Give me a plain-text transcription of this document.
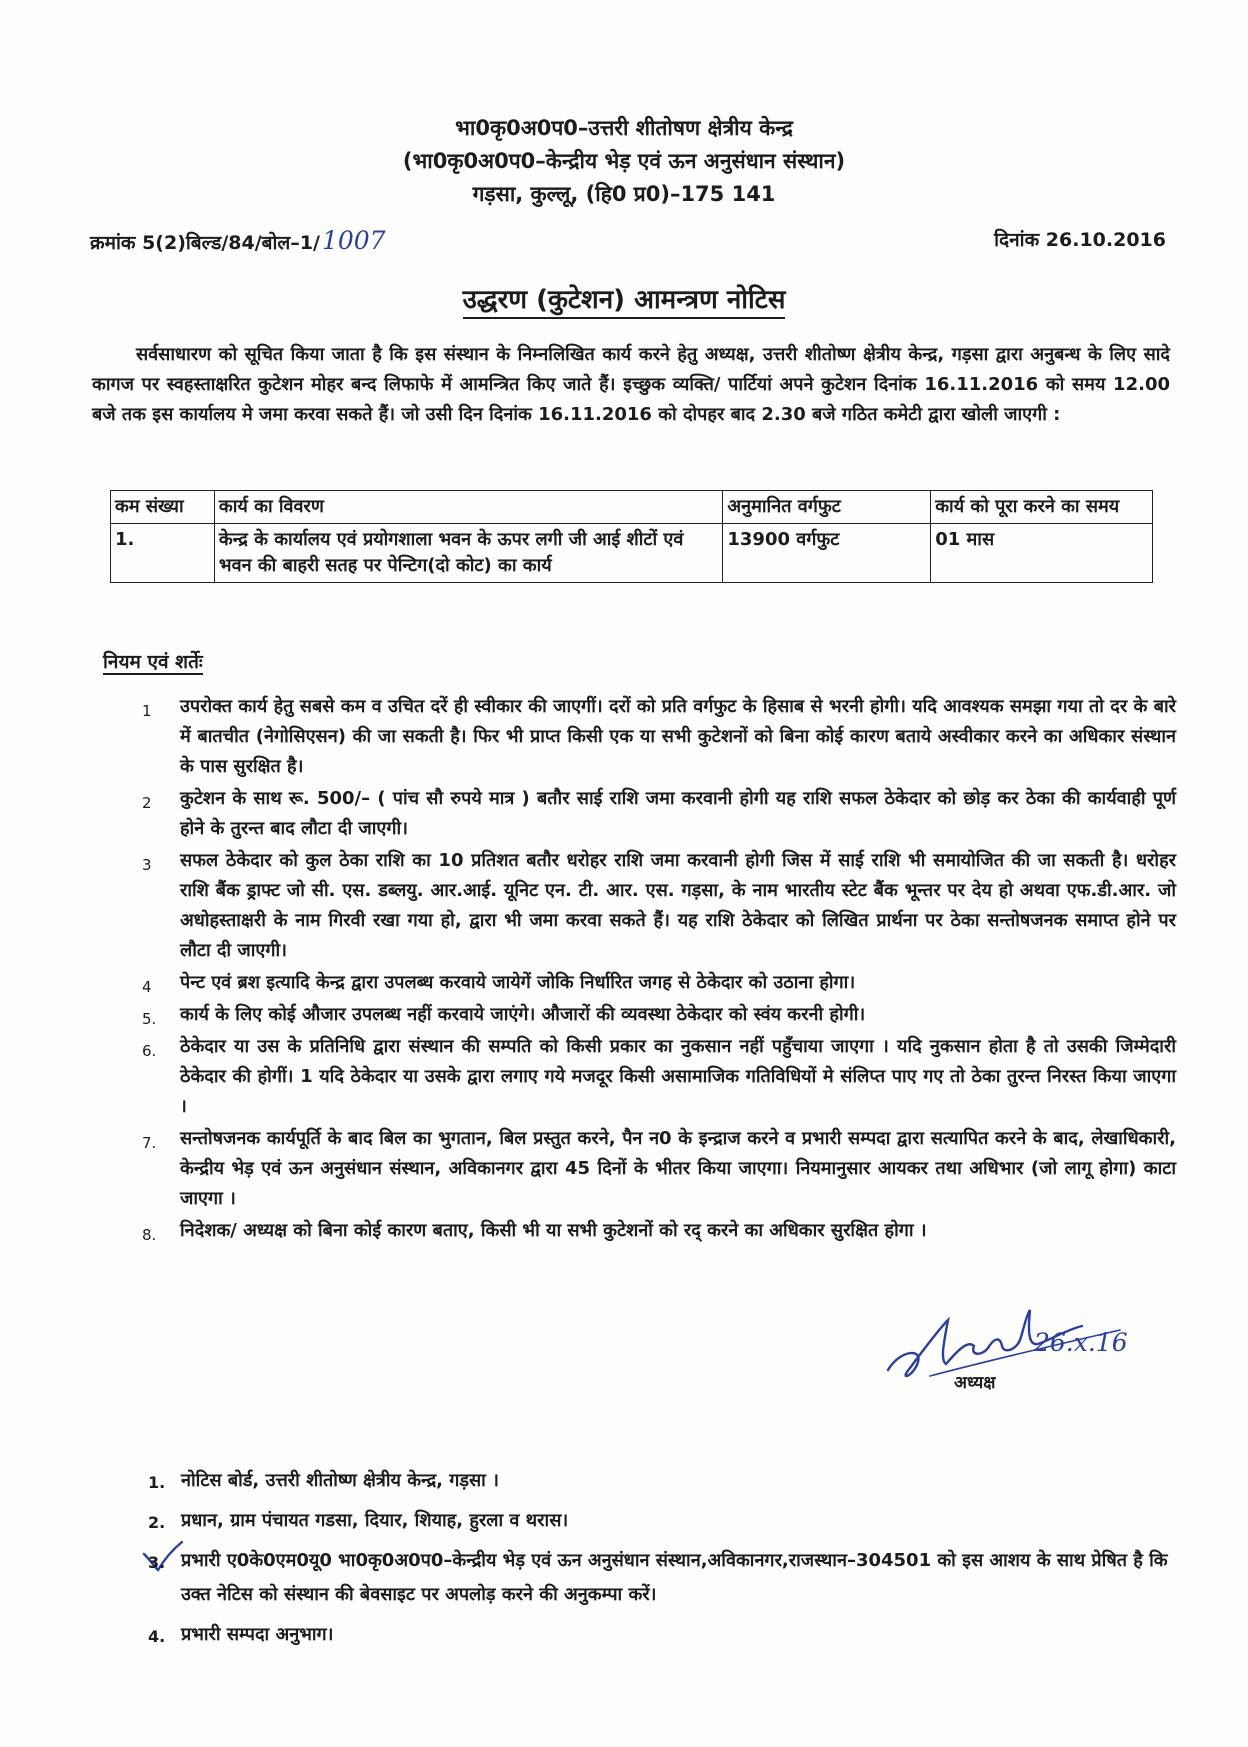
भा0कृ0अ0प0–उत्तरी शीतोषण क्षेत्रीय केन्द्र
(भा0कृ0अ0प0–केन्द्रीय भेड़ एवं ऊन अनुसंधान संस्थान)
गड़सा, कुल्लू, (हि0 प्र0)–175 141
क्रमांक 5(2)बिल्ड/84/बोल–1/1007	दिनांक 26.10.2016
उद्धरण (कुटेशन) आमन्त्रण नोटिस

सर्वसाधारण को सूचित किया जाता है कि इस संस्थान के निम्नलिखित कार्य करने हेतु अध्यक्ष, उत्तरी शीतोष्ण क्षेत्रीय केन्द्र, गड़सा द्वारा अनुबन्ध के लिए सादे कागज पर स्वहस्ताक्षरित कुटेशन मोहर बन्द लिफाफे में आमन्त्रित किए जाते हैं। इच्छुक व्यक्ति/ पार्टियां अपने कुटेशन दिनांक 16.11.2016 को समय 12.00 बजे तक इस कार्यालय मे जमा करवा सकते हैं। जो उसी दिन दिनांक 16.11.2016 को दोपहर बाद 2.30 बजे गठित कमेटी द्वारा खोली जाएगी :

कम संख्या	कार्य का विवरण	अनुमानित वर्गफुट	कार्य को पूरा करने का समय
1.	केन्द्र के कार्यालय एवं प्रयोगशाला भवन के ऊपर लगी जी आई शीटों एवं भवन की बाहरी सतह पर पेन्टिग(दो कोट) का कार्य	13900 वर्गफुट	01 मास
नियम एवं शर्तेः
1 उपरोक्त कार्य हेतु सबसे कम व उचित दरें ही स्वीकार की जाएगीं। दरों को प्रति वर्गफुट के हिसाब से भरनी होगी। यदि आवश्यक समझा गया तो दर के बारे में बातचीत (नेगोसिएसन) की जा सकती है। फिर भी प्राप्त किसी एक या सभी कुटेशनों को बिना कोई कारण बताये अस्वीकार करने का अधिकार संस्थान के पास सुरक्षित है।
2 कुटेशन के साथ रू. 500/– ( पांच सौ रुपये मात्र ) बतौर साई राशि जमा करवानी होगी यह राशि सफल ठेकेदार को छोड़ कर ठेका की कार्यवाही पूर्ण होने के तुरन्त बाद लौटा दी जाएगी।
3 सफल ठेकेदार को कुल ठेका राशि का 10 प्रतिशत बतौर धरोहर राशि जमा करवानी होगी जिस में साई राशि भी समायोजित की जा सकती है। धरोहर राशि बैंक ड्राफ्ट जो सी. एस. डब्लयु. आर.आई. यूनिट एन. टी. आर. एस. गड़सा, के नाम भारतीय स्टेट बैंक भून्तर पर देय हो अथवा एफ.डी.आर. जो अधोहस्ताक्षरी के नाम गिरवी रखा गया हो, द्वारा भी जमा करवा सकते हैं। यह राशि ठेकेदार को लिखित प्रार्थना पर ठेका सन्तोषजनक समाप्त होने पर लौटा दी जाएगी।
4 पेन्ट एवं ब्रश इत्यादि केन्द्र द्वारा उपलब्ध करवाये जायेगें जोकि निर्धारित जगह से ठेकेदार को उठाना होगा।
5. कार्य के लिए कोई औजार उपलब्ध नहीं करवाये जाएंगे। औजारों की व्यवस्था ठेकेदार को स्वंय करनी होगी।
6. ठेकेदार या उस के प्रतिनिधि द्वारा संस्थान की सम्पति को किसी प्रकार का नुकसान नहीं पहुँचाया जाएगा । यदि नुकसान होता है तो उसकी जिम्मेदारी ठेकेदार की होगीं। 1 यदि ठेकेदार या उसके द्वारा लगाए गये मजदूर किसी असामाजिक गतिविधियों मे संलिप्त पाए गए तो ठेका तुरन्त निरस्त किया जाएगा ।
7. सन्तोषजनक कार्यपूर्ति के बाद बिल का भुगतान, बिल प्रस्तुत करने, पैन न0 के इन्द्राज करने व प्रभारी सम्पदा द्वारा सत्यापित करने के बाद, लेखाधिकारी, केन्द्रीय भेड़ एवं ऊन अनुसंधान संस्थान, अविकानगर द्वारा 45 दिनों के भीतर किया जाएगा। नियमानुसार आयकर तथा अधिभार (जो लागू होगा) काटा जाएगा ।
8. निदेशक/ अध्यक्ष को बिना कोई कारण बताए, किसी भी या सभी कुटेशनों को रद् करने का अधिकार सुरक्षित होगा ।
26.x.16
अध्यक्ष
1. नोटिस बोर्ड, उत्तरी शीतोष्ण क्षेत्रीय केन्द्र, गड़सा ।
2. प्रधान, ग्राम पंचायत गडसा, दियार, शियाह, हुरला व थरास।
3. प्रभारी ए0के0एम0यू0 भा0कृ0अ0प0–केन्द्रीय भेड़ एवं ऊन अनुसंधान संस्थान,अविकानगर,राजस्थान–304501 को इस आशय के साथ प्रेषित है कि उक्त नेटिस को संस्थान की बेवसाइट पर अपलोड़ करने की अनुकम्पा करें।
4. प्रभारी सम्पदा अनुभाग।
